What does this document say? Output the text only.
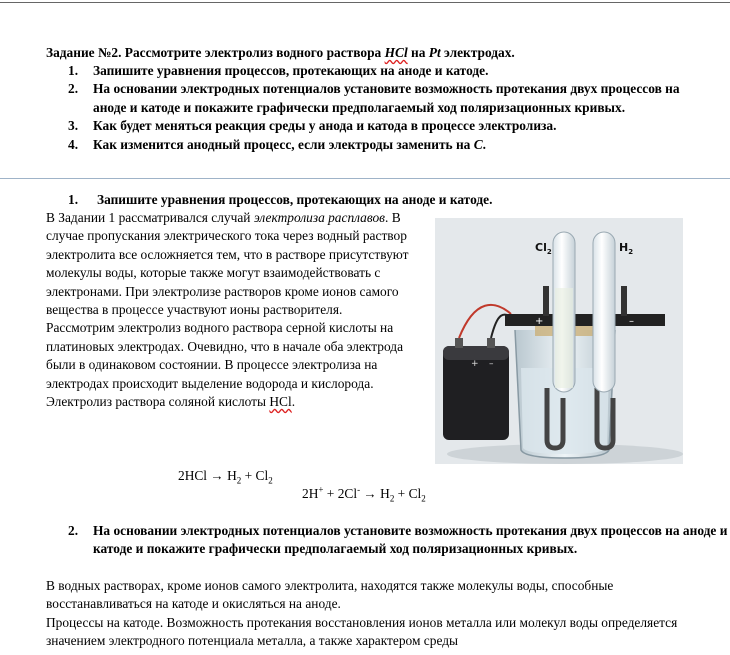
Задание №2. Рассмотрите электролиз водного раствора HCl на Pt электродах.
1. Запишите уравнения процессов, протекающих на аноде и катоде.
2. На основании электродных потенциалов установите возможность протекания двух процессов на аноде и катоде и покажите графически предполагаемый ход поляризационных кривых.
3. Как будет меняться реакция среды у анода и катода в процессе электролиза.
4. Как изменится анодный процесс, если электроды заменить на С.
1. Запишите уравнения процессов, протекающих на аноде и катоде.

В Задании 1 рассматривался случай электролиза расплавов. В случае пропускания электрического тока через водный раствор электролита все осложняется тем, что в растворе присутствуют молекулы воды, которые также могут взаимодействовать с электронами. При электролизе растворов кроме ионов самого вещества в процессе участвуют ионы растворителя.

Рассмотрим электролиз водного раствора серной кислоты на платиновых электродах. Очевидно, что в начале оба электрода были в одинаковом состоянии. В процессе электролиза на электродах происходит выделение водорода и кислорода.

Электролиз раствора соляной кислоты HCl.

$2HCl \to H_2 + Cl_2$
$2H^+ + 2Cl^- \to H_2 + Cl_2$
+ –
$Cl_2$	$H_2$
+	–
2. На основании электродных потенциалов установите возможность протекания двух процессов на аноде и катоде и покажите графически предполагаемый ход поляризационных кривых.

В водных растворах, кроме ионов самого электролита, находятся также молекулы воды, способные восстанавливаться на катоде и окисляться на аноде.

Процессы на катоде. Возможность протекания восстановления ионов металла или молекул воды определяется значением электродного потенциала металла, а также характером среды
